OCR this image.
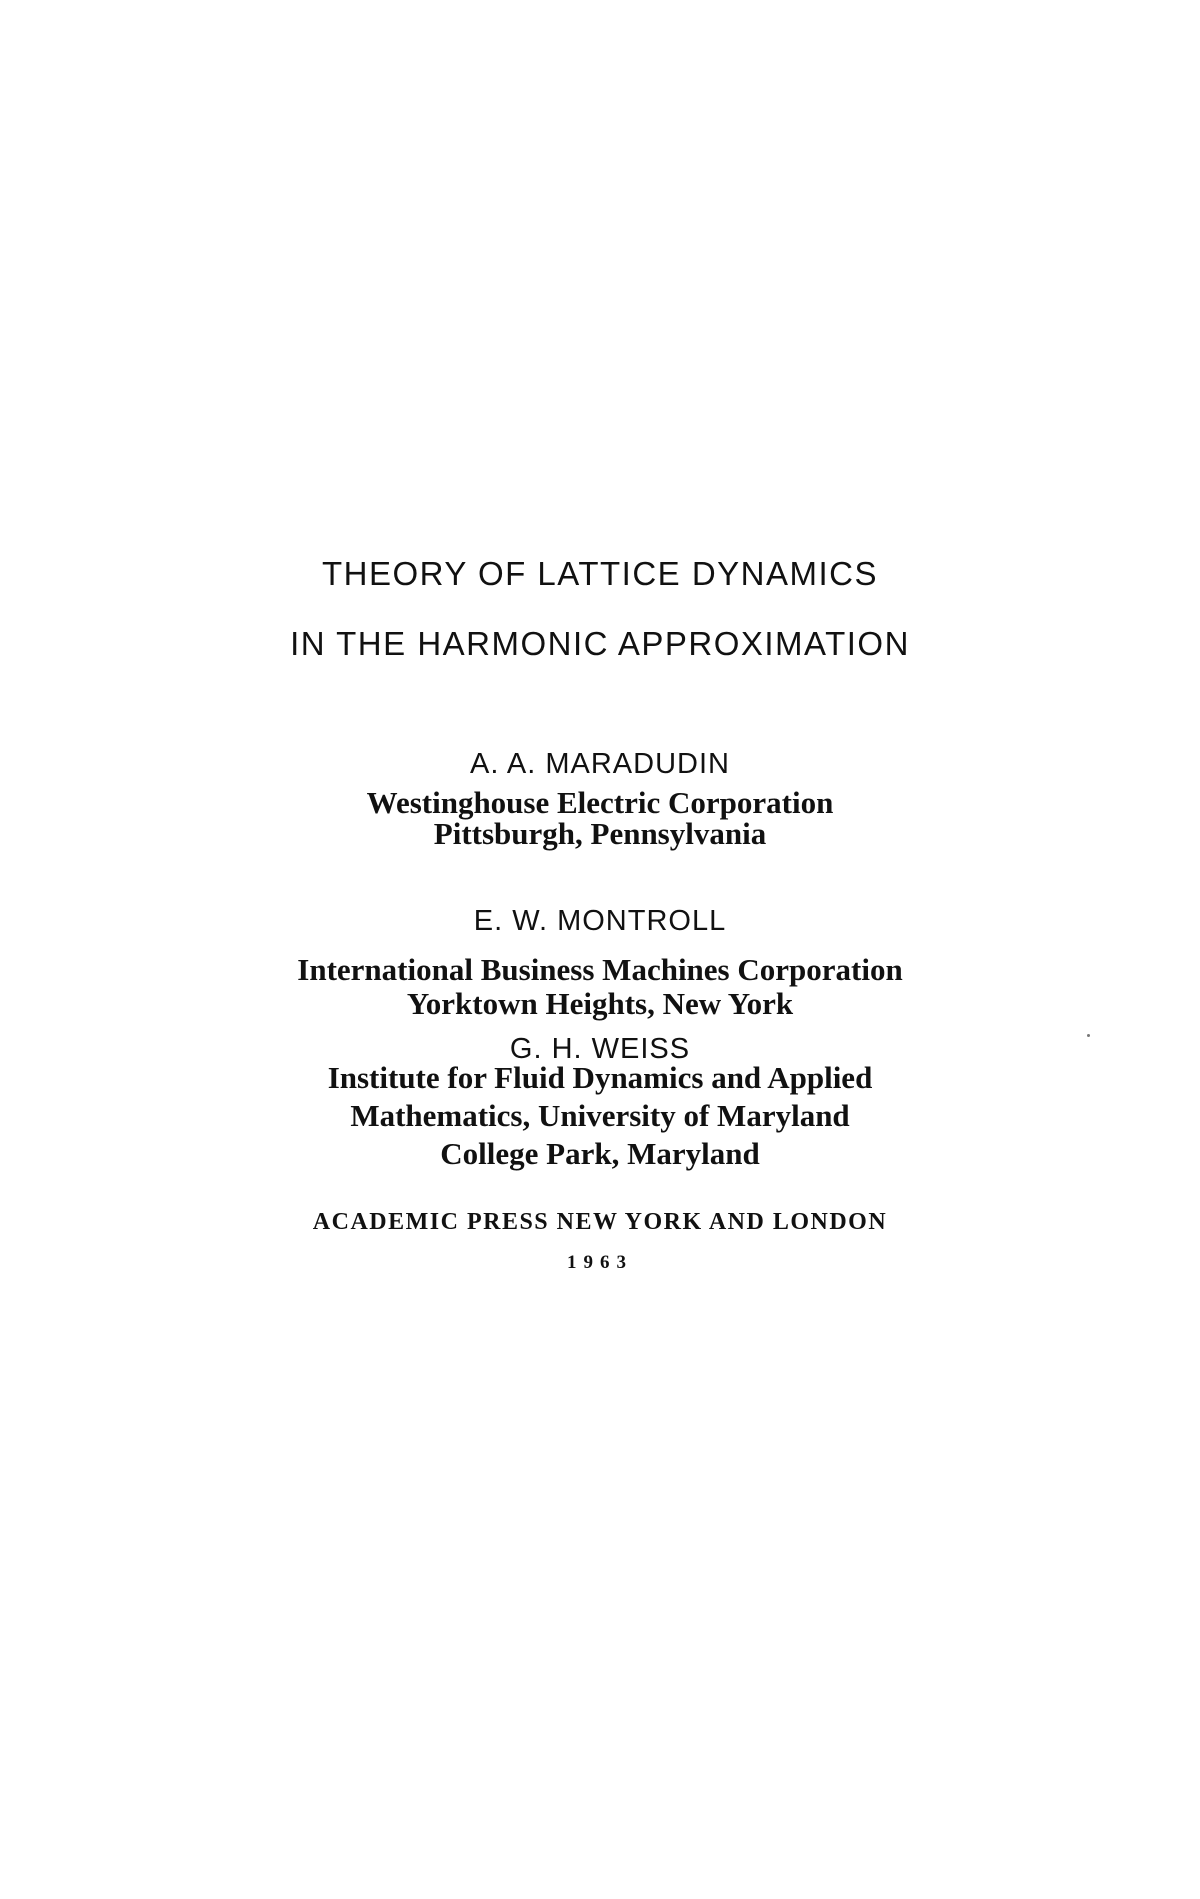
THEORY OF LATTICE DYNAMICS
IN THE HARMONIC APPROXIMATION
A. A. MARADUDIN
Westinghouse Electric Corporation
Pittsburgh, Pennsylvania
E. W. MONTROLL
International Business Machines Corporation
Yorktown Heights, New York
G. H. WEISS
Institute for Fluid Dynamics and Applied
Mathematics, University of Maryland
College Park, Maryland
ACADEMIC PRESS NEW YORK AND LONDON
1963
